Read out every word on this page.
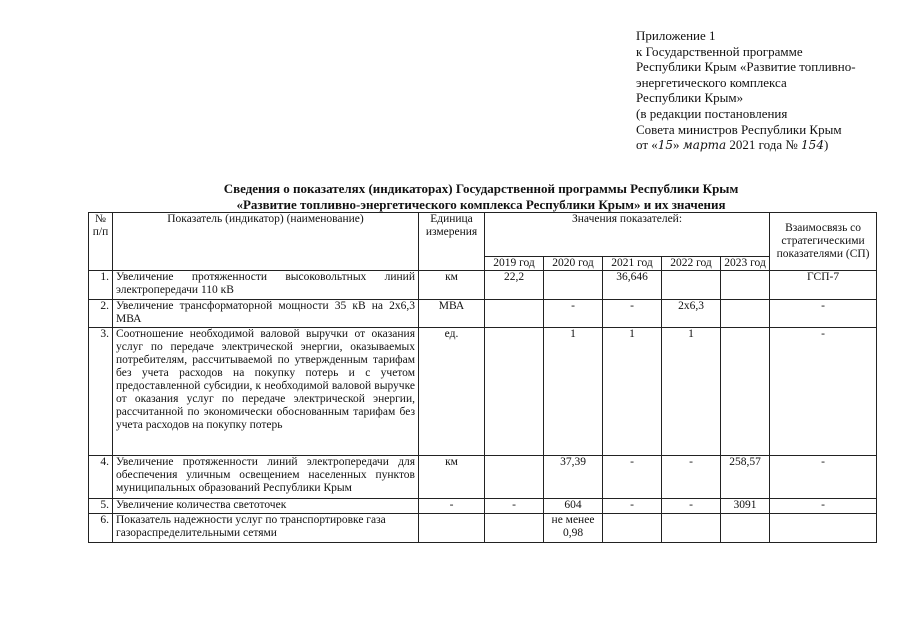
Приложение 1
к Государственной программе
Республики Крым «Развитие топливно-
энергетического комплекса
Республики Крым»
(в редакции постановления
Совета министров Республики Крым
от «15» марта 2021 года № 154)
Сведения о показателях (индикаторах) Государственной программы Республики Крым
«Развитие топливно-энергетического комплекса Республики Крым» и их значения
№ п/п	Показатель (индикатор) (наименование)	Единица измерения	Значения показателей:					Взаимосвязь со стратегическими показателями (СП)
			2019 год	2020 год	2021 год	2022 год	2023 год	
1.	Увеличение протяженности высоковольтных линий электропередачи 110 кВ	км	22,2		36,646			ГСП-7
2.	Увеличение трансформаторной мощности 35 кВ на 2х6,3 МВА	МВА		-	-	2х6,3		-
3.	Соотношение необходимой валовой выручки от оказания услуг по передаче электрической энергии, оказываемых потребителям, рассчитываемой по утвержденным тарифам без учета расходов на покупку потерь и с учетом предоставленной субсидии, к необходимой валовой выручке от оказания услуг по передаче электрической энергии, рассчитанной по экономически обоснованным тарифам без учета расходов на покупку потерь	ед.		1	1	1		-
4.	Увеличение протяженности линий электропередачи для обеспечения уличным освещением населенных пунктов муниципальных образований Республики Крым	км		37,39	-	-	258,57	-
5.	Увеличение количества светоточек	-	-	604	-	-	3091	-
6.	Показатель надежности услуг по транспортировке газа газораспределительными сетями			не менее 0,98				
